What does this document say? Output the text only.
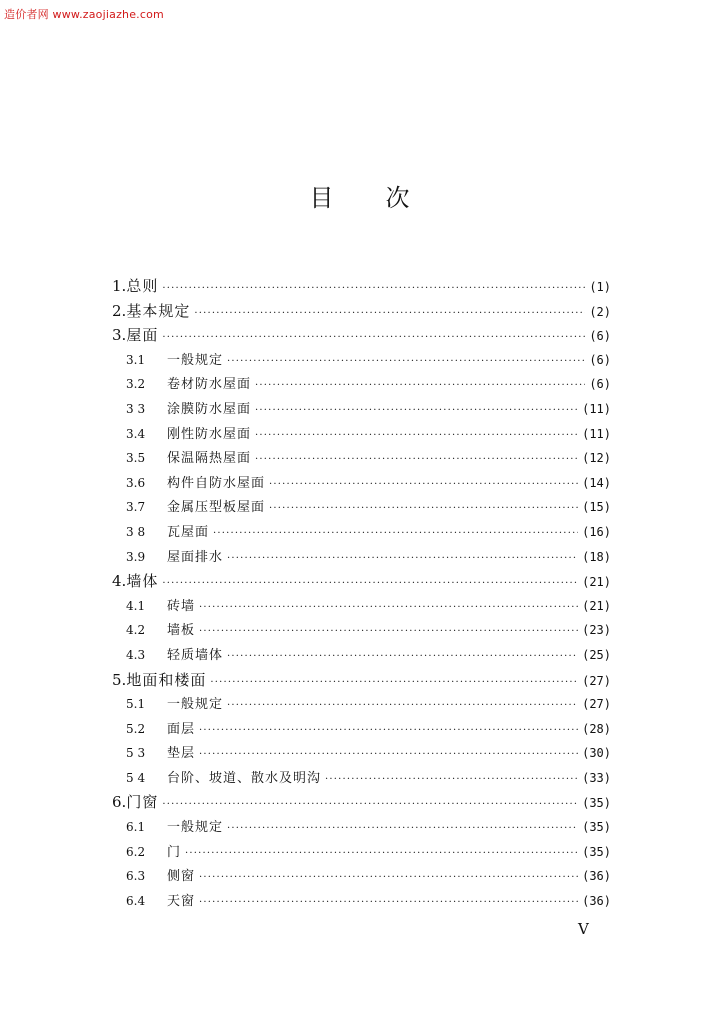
造价者网 www.zaojiazhe.com
目 次
1. 总则 ·····	(1)
2. 基本规定 ·····	(2)
3. 屋面 ·····	(6)
3.1	一般规定 ·····	(6)
3.2	卷材防水屋面 ·····	(6)
3 3	涂膜防水屋面 ·····	(11)
3.4	刚性防水屋面 ·····	(11)
3.5	保温隔热屋面 ·····	(12)
3.6	构件自防水屋面 ·····	(14)
3.7	金属压型板屋面 ·····	(15)
3 8	瓦屋面 ·····	(16)
3.9	屋面排水 ·····	(18)
4. 墙体 ·····	(21)
4.1	砖墙 ·····	(21)
4.2	墙板 ·····	(23)
4.3	轻质墙体 ·····	(25)
5. 地面和楼面 ·····	(27)
5.1	一般规定 ·····	(27)
5.2	面层 ·····	(28)
5 3	垫层 ·····	(30)
5 4	台阶、坡道、散水及明沟 ·····	(33)
6. 门窗 ·····	(35)
6.1	一般规定 ·····	(35)
6.2	门 ·····	(35)
6.3	侧窗 ·····	(36)
6.4	天窗 ·····	(36)
V
